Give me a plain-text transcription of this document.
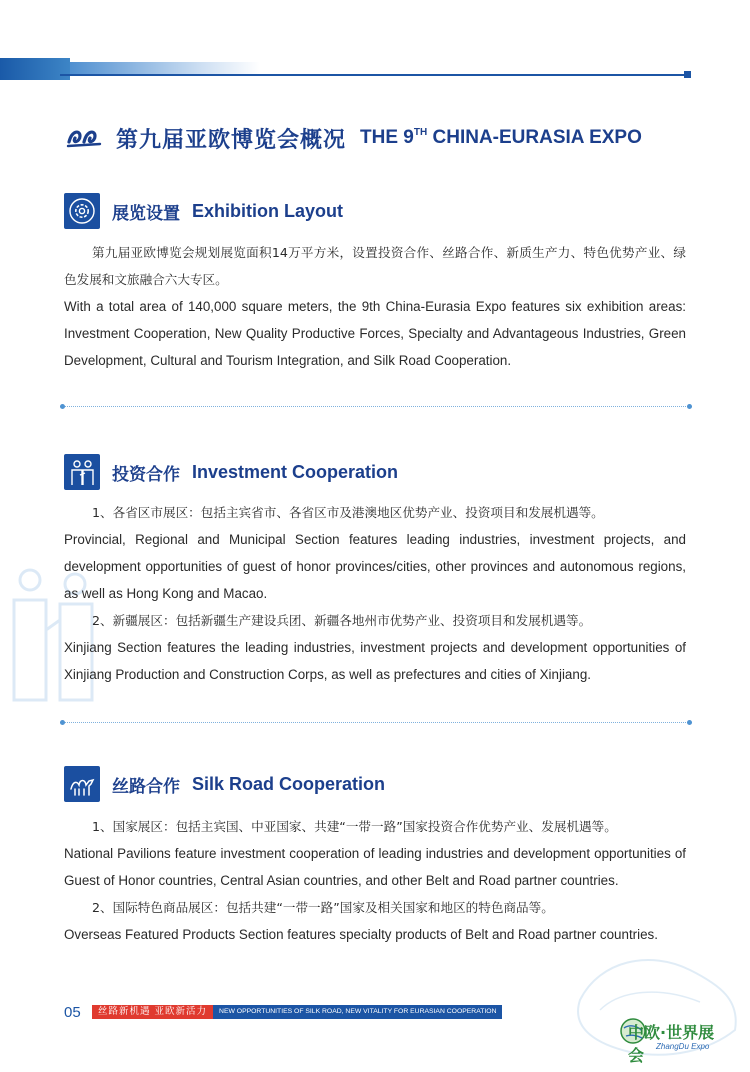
第九届亚欧博览会概况 THE 9TH CHINA-EURASIA EXPO
展览设置 Exhibition Layout

第九届亚欧博览会规划展览面积14万平方米，设置投资合作、丝路合作、新质生产力、特色优势产业、绿色发展和文旅融合六大专区。

With a total area of 140,000 square meters, the 9th China-Eurasia Expo features six exhibition areas: Investment Cooperation, New Quality Productive Forces, Specialty and Advantageous Industries, Green Development, Cultural and Tourism Integration, and Silk Road Cooperation.

投资合作 Investment Cooperation

1、各省区市展区：包括主宾省市、各省区市及港澳地区优势产业、投资项目和发展机遇等。

Provincial, Regional and Municipal Section features leading industries, investment projects, and development opportunities of guest of honor provinces/cities, other provinces and autonomous regions, as well as Hong Kong and Macao.

2、新疆展区：包括新疆生产建设兵团、新疆各地州市优势产业、投资项目和发展机遇等。

Xinjiang Section features the leading industries, investment projects and development opportunities of Xinjiang Production and Construction Corps, as well as prefectures and cities of Xinjiang.

丝路合作 Silk Road Cooperation

1、国家展区：包括主宾国、中亚国家、共建“一带一路”国家投资合作优势产业、发展机遇等。

National Pavilions feature investment cooperation of leading industries and development opportunities of Guest of Honor countries, Central Asian countries, and other Belt and Road partner countries.

2、国际特色商品展区：包括共建“一带一路”国家及相关国家和地区的特色商品等。

Overseas Featured Products Section features specialty products of Belt and Road partner countries.

05	丝路新机遇 亚欧新活力	NEW OPPORTUNITIES OF SILK ROAD, NEW VITALITY FOR EURASIAN COOPERATION
中欧·世界展会	ZhangDu Expo
